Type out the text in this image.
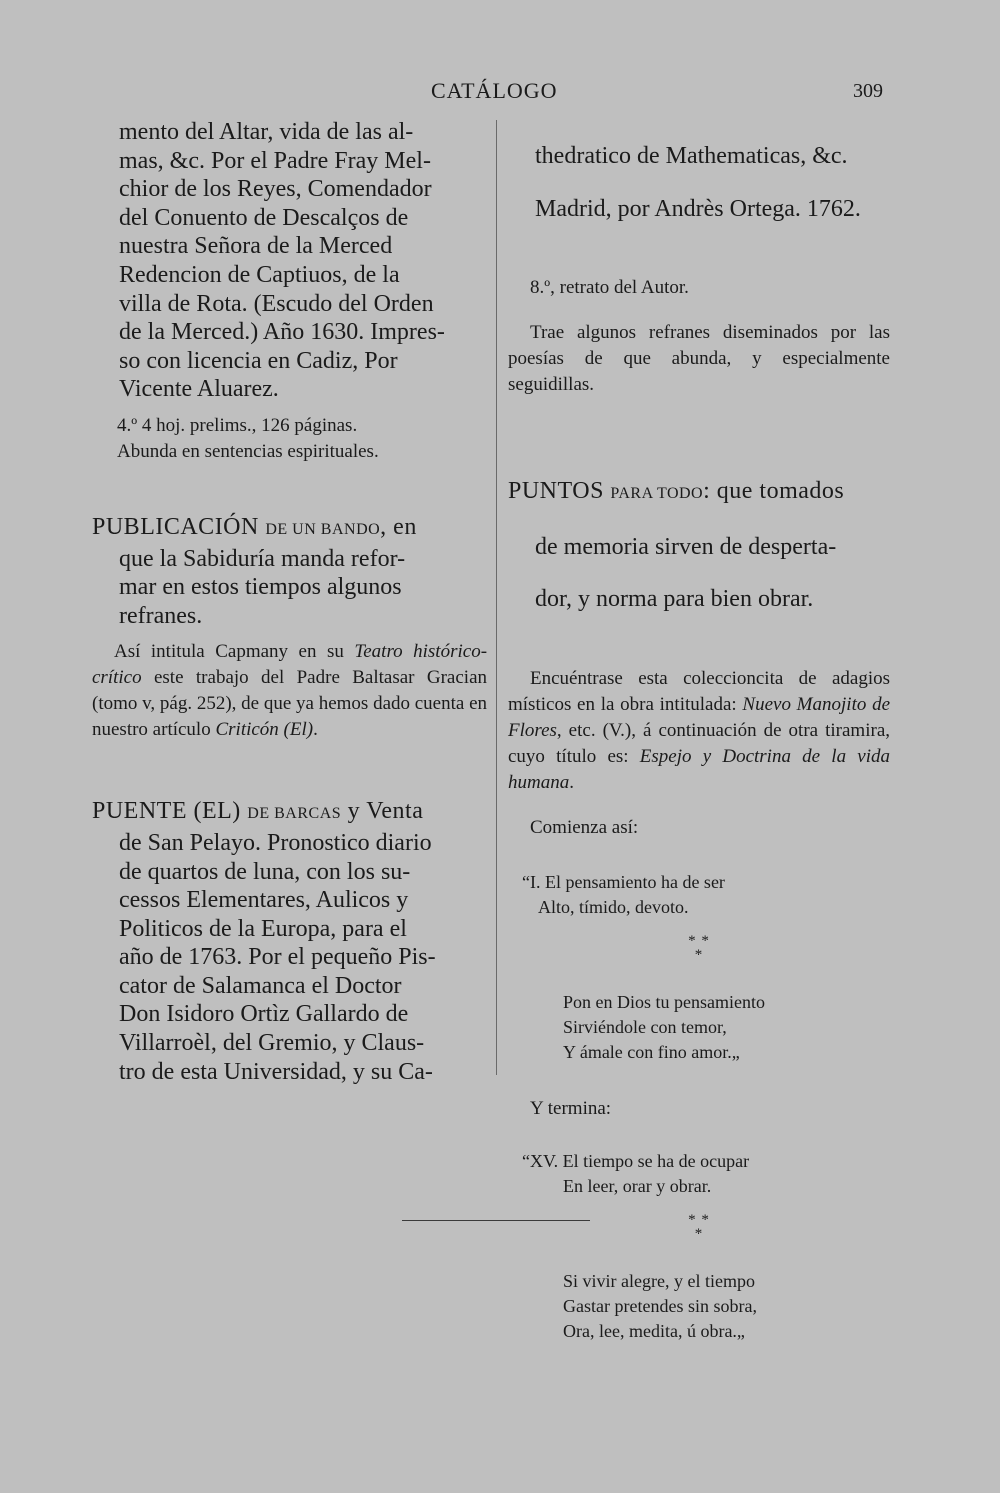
CATÁLOGO	309

mento del Altar, vida de las al-

mas, &c. Por el Padre Fray Mel-

chior de los Reyes, Comendador

del Conuento de Descalços de

nuestra Señora de la Merced

Redencion de Captiuos, de la

villa de Rota. (Escudo del Orden

de la Merced.) Año 1630. Impres-

so con licencia en Cadiz, Por

Vicente Aluarez.

4.º 4 hoj. prelims., 126 páginas.

Abunda en sentencias espirituales.

PUBLICACIÓN DE UN BANDO, en

que la Sabiduría manda refor-

mar en estos tiempos algunos

refranes.

Así intitula Capmany en su Teatro histórico-crítico este trabajo del Padre Baltasar Gracian (tomo v, pág. 252), de que ya hemos dado cuenta en nuestro artículo Criticón (El).

PUENTE (EL) DE BARCAS y Venta

de San Pelayo. Pronostico diario

de quartos de luna, con los su-

cessos Elementares, Aulicos y

Politicos de la Europa, para el

año de 1763. Por el pequeño Pis-

cator de Salamanca el Doctor

Don Isidoro Ortìz Gallardo de

Villarroèl, del Gremio, y Claus-

tro de esta Universidad, y su Ca-

thedratico de Mathematicas, &c.

Madrid, por Andrès Ortega. 1762.

8.º, retrato del Autor.

Trae algunos refranes diseminados por las poesías de que abunda, y especialmente seguidillas.

PUNTOS PARA TODO: que tomados

de memoria sirven de desperta-

dor, y norma para bien obrar.

Encuéntrase esta coleccioncita de adagios místicos en la obra intitulada: Nuevo Manojito de Flores, etc. (V.), á continuación de otra tiramira, cuyo título es: Espejo y Doctrina de la vida humana.

Comienza así:

“I. El pensamiento ha de ser
Alto, tímido, devoto.
* *
*
Pon en Dios tu pensamiento
Sirviéndole con temor,
Y ámale con fino amor.„

Y termina:

“XV. El tiempo se ha de ocupar
En leer, orar y obrar.
* *
*
Si vivir alegre, y el tiempo
Gastar pretendes sin sobra,
Ora, lee, medita, ú obra.„
